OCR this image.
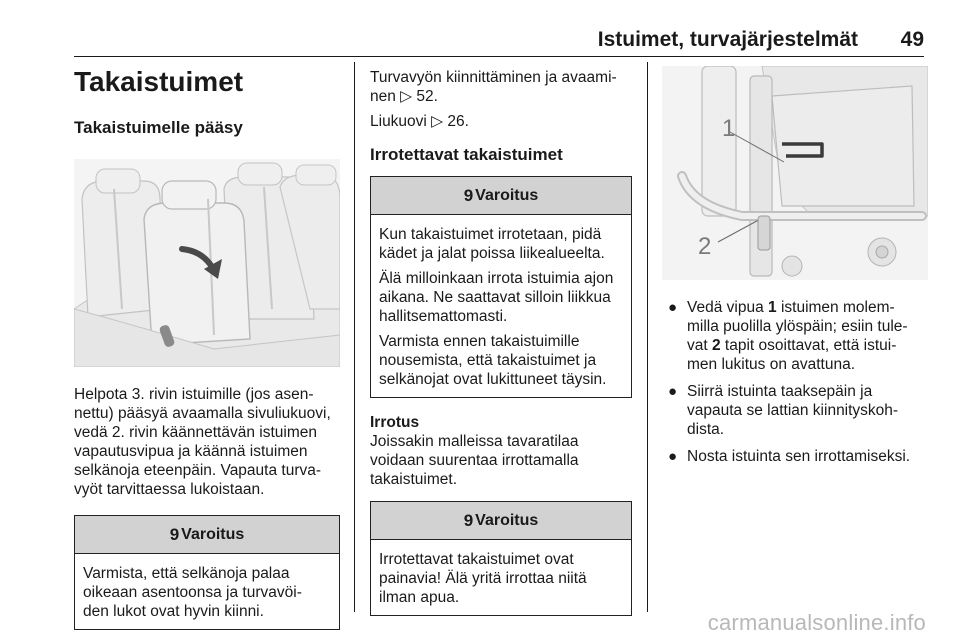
Istuimet, turvajärjestelmät 49
Takaistuimet
Takaistuimelle pääsy

Helpota 3. rivin istuimille (jos asen-
nettu) pääsyä avaamalla sivuliukuovi,
vedä 2. rivin käännettävän istuimen
vapautusvipua ja käännä istuimen
selkänoja eteenpäin. Vapauta turva-
vyöt tarvittaessa lukoistaan.

9 Varoitus

Varmista, että selkänoja palaa
oikeaan asentoonsa ja turvavöi-
den lukot ovat hyvin kiinni.

Turvavyön kiinnittäminen ja avaami-
nen ▷ 52.

Liukuovi ▷ 26.

Irrotettavat takaistuimet
9 Varoitus

Kun takaistuimet irrotetaan, pidä
kädet ja jalat poissa liikealueelta.

Älä milloinkaan irrota istuimia ajon
aikana. Ne saattavat silloin liikkua
hallitsemattomasti.

Varmista ennen takaistuimille
nousemista, että takaistuimet ja
selkänojat ovat lukittuneet täysin.

Irrotus

Joissakin malleissa tavaratilaa
voidaan suurentaa irrottamalla
takaistuimet.

9 Varoitus

Irrotettavat takaistuimet ovat
painavia! Älä yritä irrottaa niitä
ilman apua.

1
2
● Vedä vipua 1 istuimen molem-
milla puolilla ylöspäin; esiin tule-
vat 2 tapit osoittavat, että istui-
men lukitus on avattuna.
● Siirrä istuinta taaksepäin ja
vapauta se lattian kiinnityskoh-
dista.
● Nosta istuinta sen irrottamiseksi.
carmanualsonline.info
